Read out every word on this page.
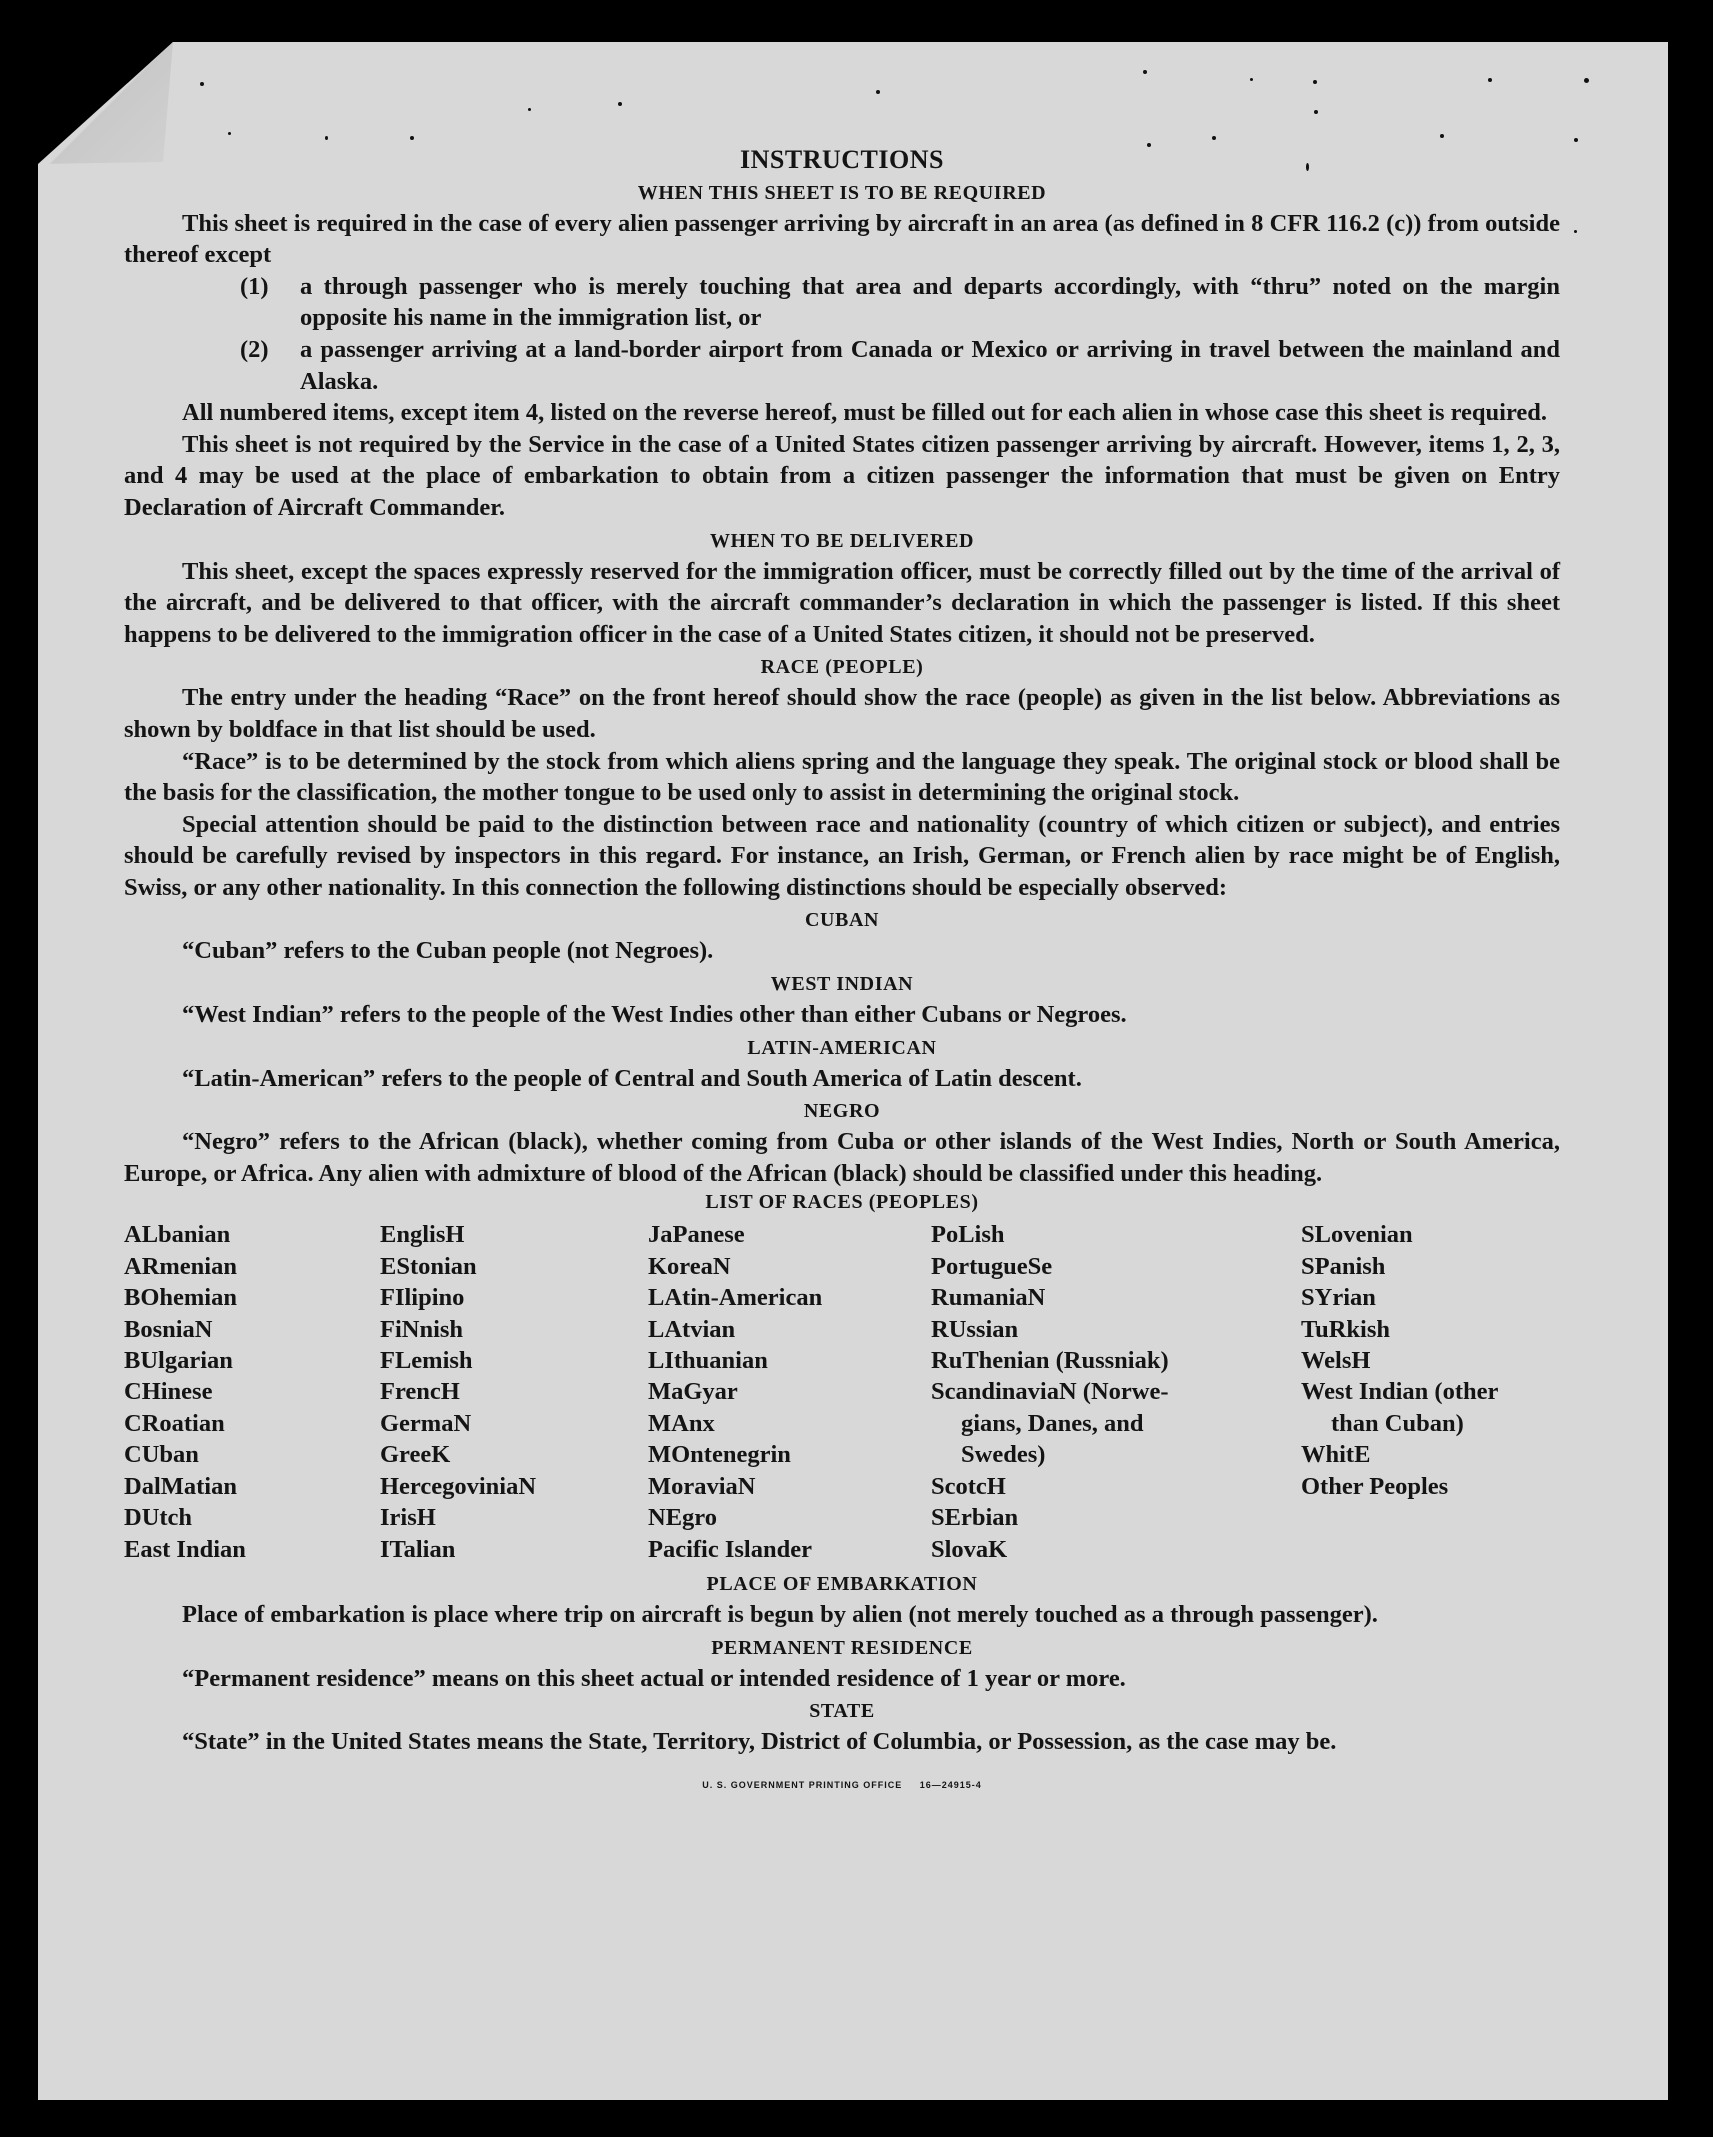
INSTRUCTIONS
WHEN THIS SHEET IS TO BE REQUIRED

This sheet is required in the case of every alien passenger arriving by aircraft in an area (as defined in 8 CFR 116.2 (c)) from outside thereof except

(1)	a through passenger who is merely touching that area and departs accordingly, with “thru” noted on the margin opposite his name in the immigration list, or
(2)	a passenger arriving at a land-border airport from Canada or Mexico or arriving in travel between the mainland and Alaska.

All numbered items, except item 4, listed on the reverse hereof, must be filled out for each alien in whose case this sheet is required.

This sheet is not required by the Service in the case of a United States citizen passenger arriving by aircraft. However, items 1, 2, 3, and 4 may be used at the place of embarkation to obtain from a citizen passenger the information that must be given on Entry Declaration of Aircraft Commander.

WHEN TO BE DELIVERED

This sheet, except the spaces expressly reserved for the immigration officer, must be correctly filled out by the time of the arrival of the aircraft, and be delivered to that officer, with the aircraft commander’s declaration in which the passenger is listed. If this sheet happens to be delivered to the immigration officer in the case of a United States citizen, it should not be preserved.

RACE (PEOPLE)

The entry under the heading “Race” on the front hereof should show the race (people) as given in the list below. Abbreviations as shown by boldface in that list should be used.

“Race” is to be determined by the stock from which aliens spring and the language they speak. The original stock or blood shall be the basis for the classification, the mother tongue to be used only to assist in determining the original stock.

Special attention should be paid to the distinction between race and nationality (country of which citizen or subject), and entries should be carefully revised by inspectors in this regard. For instance, an Irish, German, or French alien by race might be of English, Swiss, or any other nationality. In this connection the following distinctions should be especially observed:

CUBAN

“Cuban” refers to the Cuban people (not Negroes).

WEST INDIAN

“West Indian” refers to the people of the West Indies other than either Cubans or Negroes.

LATIN-AMERICAN

“Latin-American” refers to the people of Central and South America of Latin descent.

NEGRO

“Negro” refers to the African (black), whether coming from Cuba or other islands of the West Indies, North or South America, Europe, or Africa. Any alien with admixture of blood of the African (black) should be classified under this heading.

LIST OF RACES (PEOPLES)
ALbanian
ARmenian
BOhemian
BosniaN
BUlgarian
CHinese
CRoatian
CUban
DalMatian
DUtch
East Indian
EnglisH
EStonian
FIlipino
FiNnish
FLemish
FrencH
GermaN
GreeK
HercegoviniaN
IrisH
ITalian
JaPanese
KoreaN
LAtin-American
LAtvian
LIthuanian
MaGyar
MAnx
MOntenegrin
MoraviaN
NEgro
Pacific Islander
PoLish
PortugueSe
RumaniaN
RUssian
RuThenian (Russniak)
ScandinaviaN (Norwe-
gians, Danes, and
Swedes)
ScotcH
SErbian
SlovaK
SLovenian
SPanish
SYrian
TuRkish
WelsH
West Indian (other
than Cuban)
WhitE
Other Peoples
PLACE OF EMBARKATION

Place of embarkation is place where trip on aircraft is begun by alien (not merely touched as a through passenger).

PERMANENT RESIDENCE

“Permanent residence” means on this sheet actual or intended residence of 1 year or more.

STATE

“State” in the United States means the State, Territory, District of Columbia, or Possession, as the case may be.

U. S. GOVERNMENT PRINTING OFFICE     16—24915-4
